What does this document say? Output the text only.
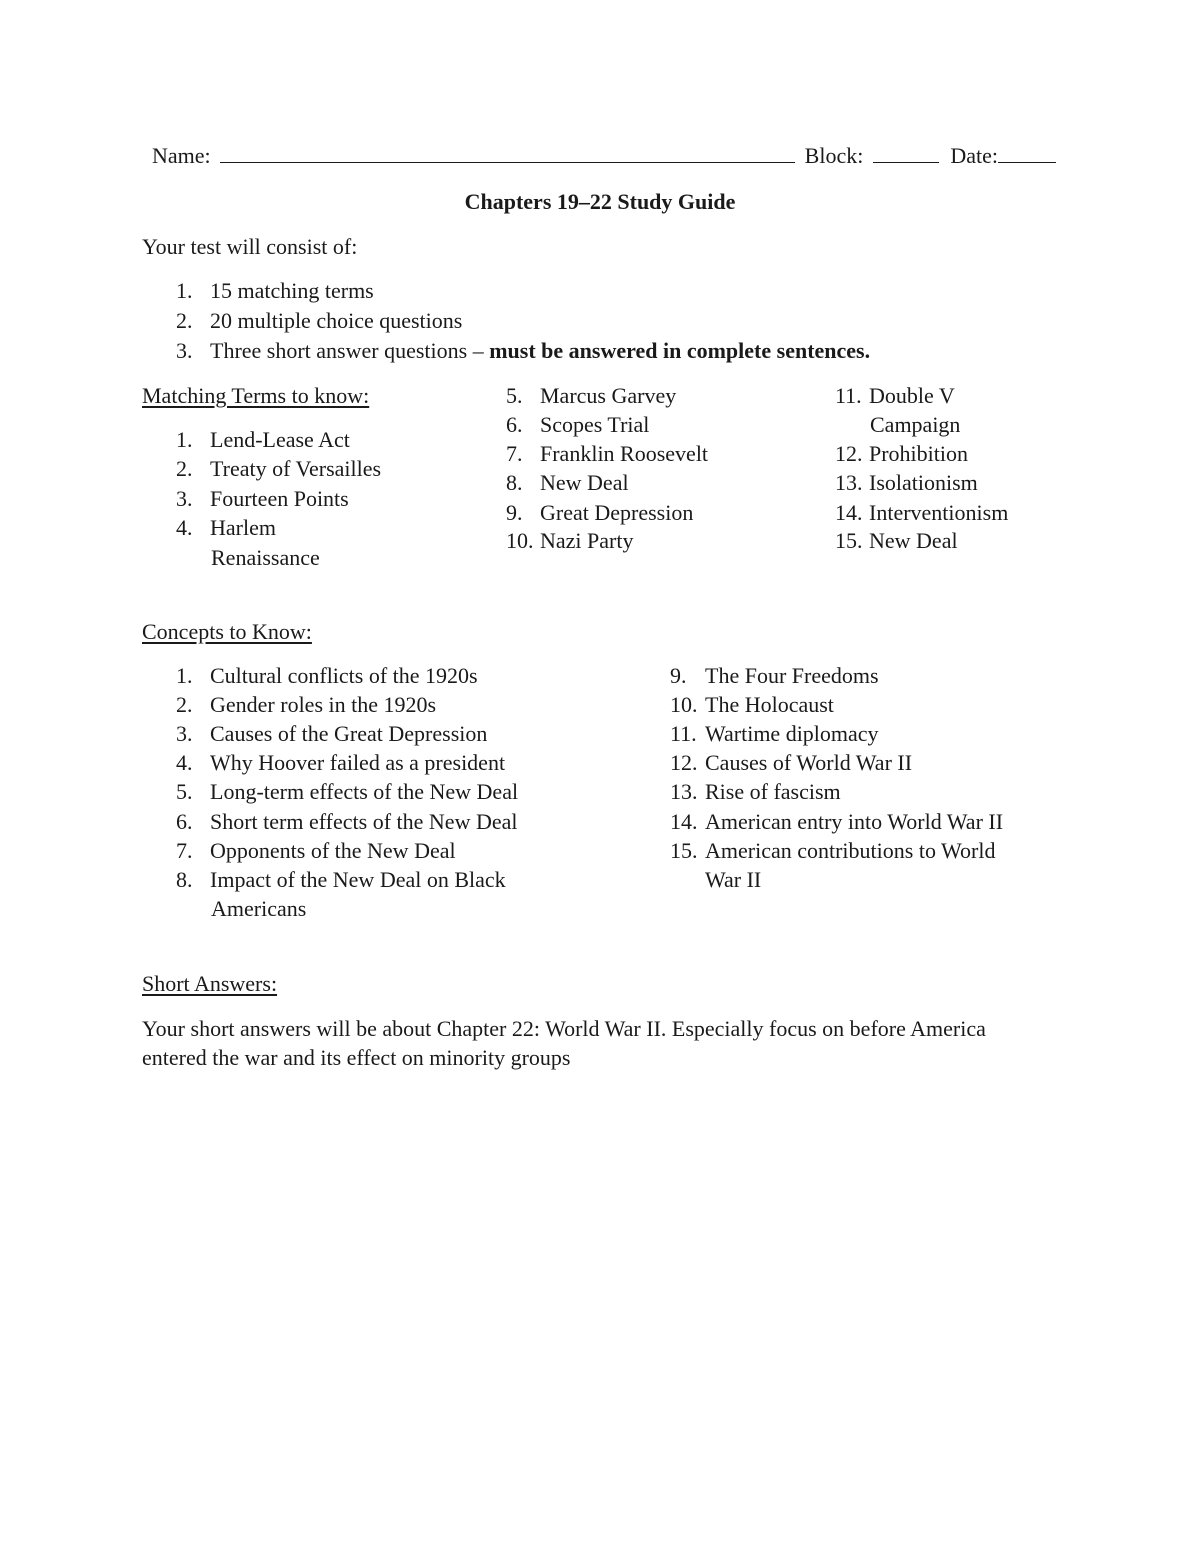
Name:	Block:	Date:
Chapters 19–22 Study Guide
Your test will consist of:
1. 15 matching terms
2. 20 multiple choice questions
3. Three short answer questions – must be answered in complete sentences.
Matching Terms to know:
1. Lend-Lease Act
2. Treaty of Versailles
3. Fourteen Points
4. Harlem
Renaissance
5. Marcus Garvey
6. Scopes Trial
7. Franklin Roosevelt
8. New Deal
9. Great Depression
10. Nazi Party
11. Double V
Campaign
12. Prohibition
13. Isolationism
14. Interventionism
15. New Deal
Concepts to Know:
1. Cultural conflicts of the 1920s
2. Gender roles in the 1920s
3. Causes of the Great Depression
4. Why Hoover failed as a president
5. Long-term effects of the New Deal
6. Short term effects of the New Deal
7. Opponents of the New Deal
8. Impact of the New Deal on Black
Americans
9. The Four Freedoms
10. The Holocaust
11. Wartime diplomacy
12. Causes of World War II
13. Rise of fascism
14. American entry into World War II
15. American contributions to World
War II
Short Answers:
Your short answers will be about Chapter 22: World War II. Especially focus on before America
entered the war and its effect on minority groups
